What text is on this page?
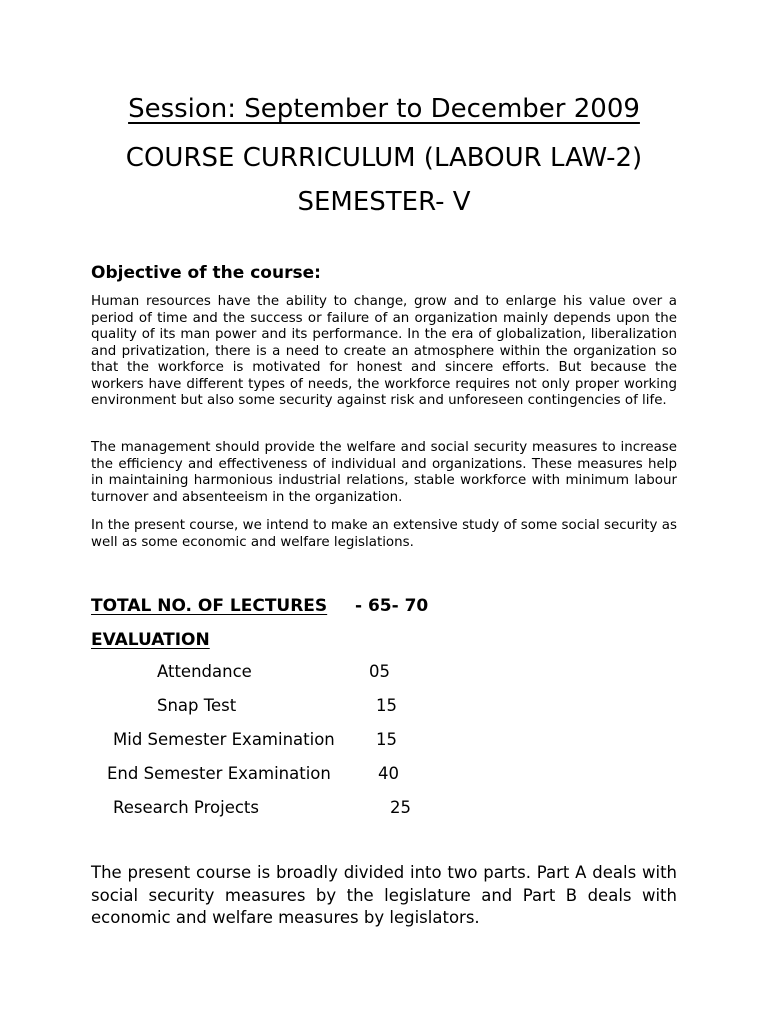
Session: September to December 2009
COURSE CURRICULUM (LABOUR LAW-2)
SEMESTER- V
Objective of the course:

Human resources have the ability to change, grow and to enlarge his value over a period of time and the success or failure of an organization mainly depends upon the quality of its man power and its performance. In the era of globalization, liberalization and privatization, there is a need to create an atmosphere within the organization so that the workforce is motivated for honest and sincere efforts. But because the workers have different types of needs, the workforce requires not only proper working environment but also some security against risk and unforeseen contingencies of life.

The management should provide the welfare and social security measures to increase the efficiency and effectiveness of individual and organizations. These measures help in maintaining harmonious industrial relations, stable workforce with minimum labour turnover and absenteeism in the organization.

In the present course, we intend to make an extensive study of some social security as well as some economic and welfare legislations.

TOTAL NO. OF LECTURES - 65- 70
EVALUATION
Attendance	05
Snap Test	15
Mid Semester Examination 15
End Semester Examination	40
Research Projects	25

The present course is broadly divided into two parts. Part A deals with social security measures by the legislature and Part B deals with economic and welfare measures by legislators.
